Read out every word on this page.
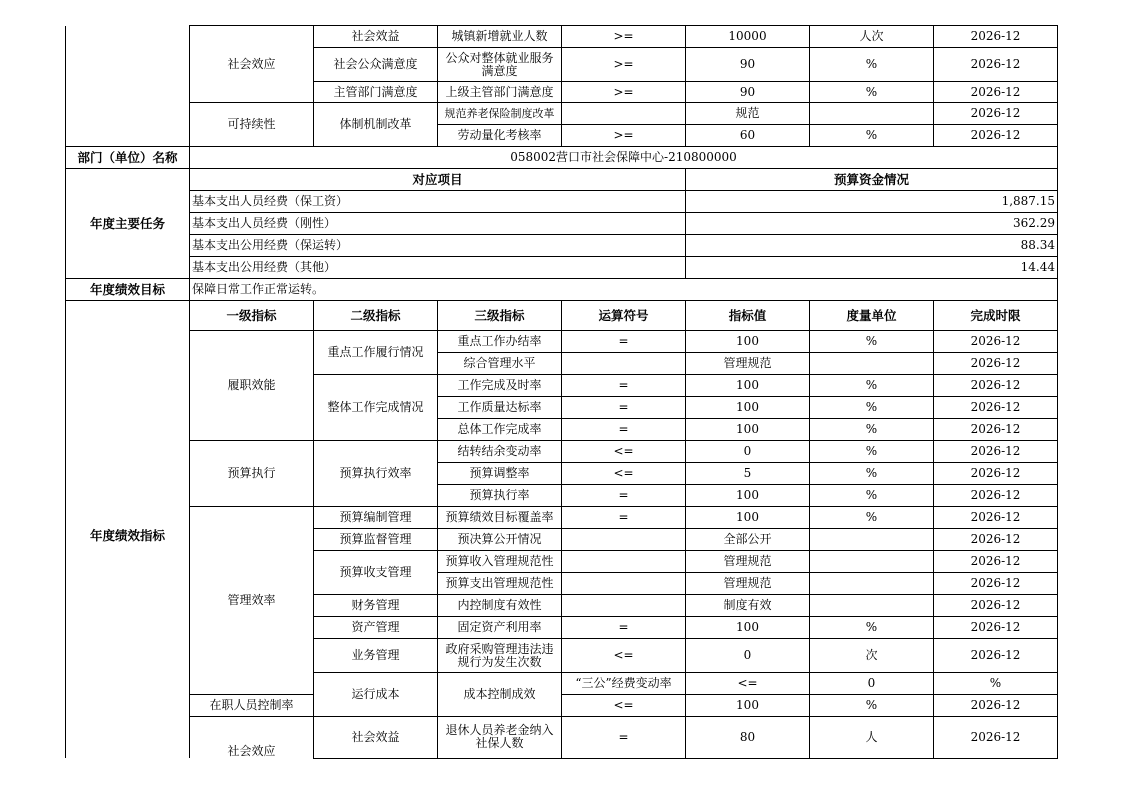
	社会效应	社会效益	城镇新增就业人数	>=	10000	人次	2026-12	
		社会公众满意度	公众对整体就业服务满意度	>=	90	%	2026-12	
		主管部门满意度	上级主管部门满意度	>=	90	%	2026-12	
	可持续性	体制机制改革	规范养老保险制度改革		规范		2026-12	
			劳动量化考核率	>=	60	%	2026-12	
部门（单位）名称	058002营口市社会保障中心-210800000							
年度主要任务	对应项目				预算资金情况			
	基本支出人员经费（保工资）				1,887.15			
	基本支出人员经费（刚性）				362.29			
	基本支出公用经费（保运转）				88.34			
	基本支出公用经费（其他）				14.44			
年度绩效目标	保障日常工作正常运转。							
年度绩效指标	一级指标	二级指标	三级指标	运算符号	指标值	度量单位	完成时限	
	履职效能	重点工作履行情况	重点工作办结率	=	100	%	2026-12	
			综合管理水平		管理规范		2026-12	
		整体工作完成情况	工作完成及时率	=	100	%	2026-12	
			工作质量达标率	=	100	%	2026-12	
			总体工作完成率	=	100	%	2026-12	
	预算执行	预算执行效率	结转结余变动率	<=	0	%	2026-12	
			预算调整率	<=	5	%	2026-12	
			预算执行率	=	100	%	2026-12	
	管理效率	预算编制管理	预算绩效目标覆盖率	=	100	%	2026-12	
		预算监督管理	预决算公开情况		全部公开		2026-12	
		预算收支管理	预算收入管理规范性		管理规范		2026-12	
			预算支出管理规范性		管理规范		2026-12	
		财务管理	内控制度有效性		制度有效		2026-12	
		资产管理	固定资产利用率	=	100	%	2026-12	
		业务管理	政府采购管理违法违规行为发生次数	<=	0	次	2026-12	
		运行成本	成本控制成效	“三公”经费变动率	<=	0	%	
	在职人员控制率			<=	100	%	2026-12	

	社会效应	社会效益	退休人员养老金纳入社保人数	=	80	人	2026-12	
